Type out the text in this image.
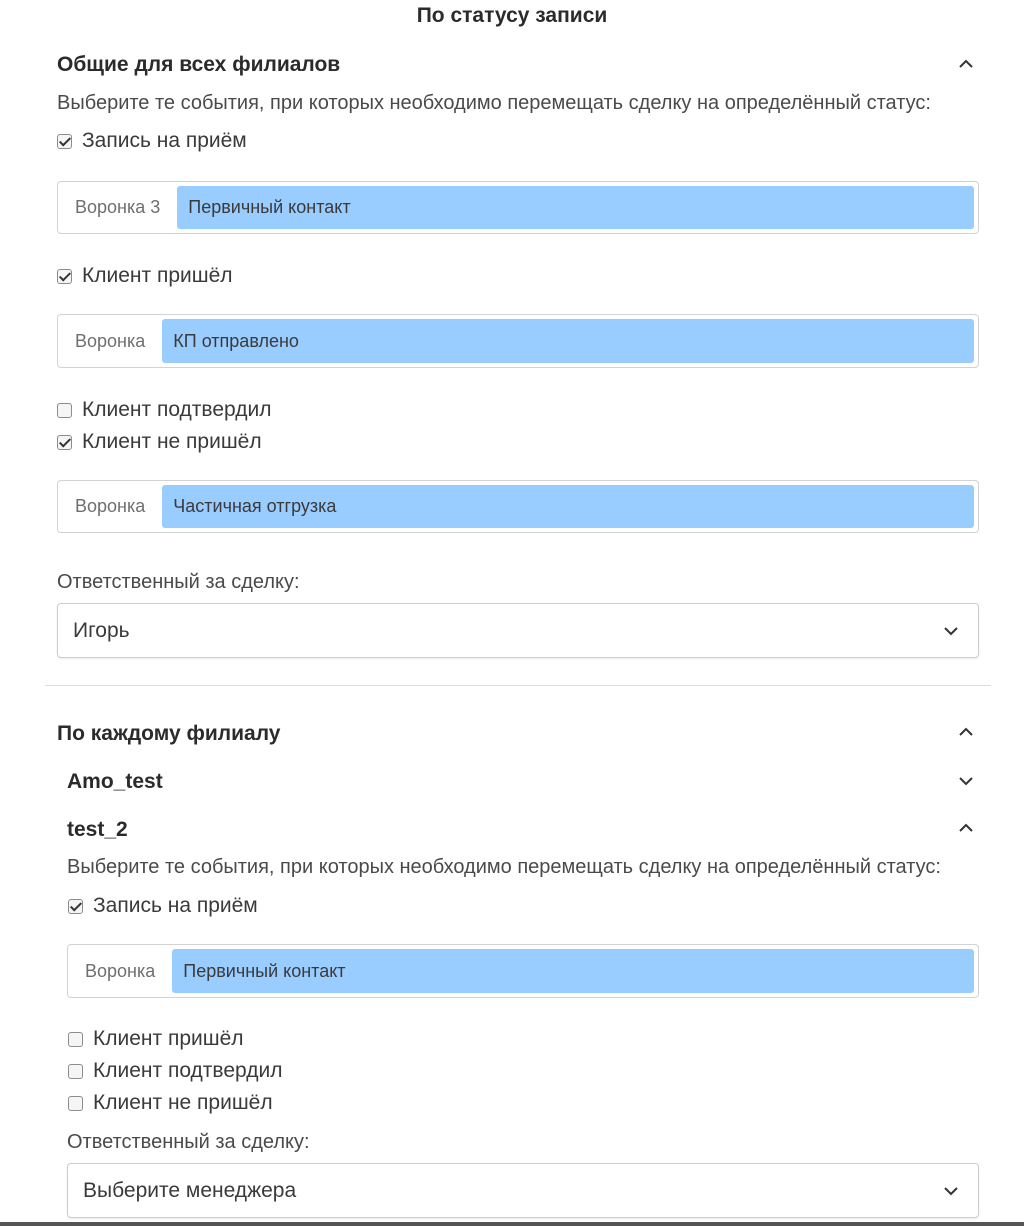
По статусу записи
Общие для всех филиалов
Выберите те события, при которых необходимо перемещать сделку на определённый статус:
Запись на приём
Воронка 3	Первичный контакт
Клиент пришёл
Воронка	КП отправлено
Клиент подтвердил
Клиент не пришёл
Воронка	Частичная отгрузка
Ответственный за сделку:
Игорь
По каждому филиалу
Amo_test
test_2
Выберите те события, при которых необходимо перемещать сделку на определённый статус:
Запись на приём
Воронка	Первичный контакт
Клиент пришёл
Клиент подтвердил
Клиент не пришёл
Ответственный за сделку:
Выберите менеджера
